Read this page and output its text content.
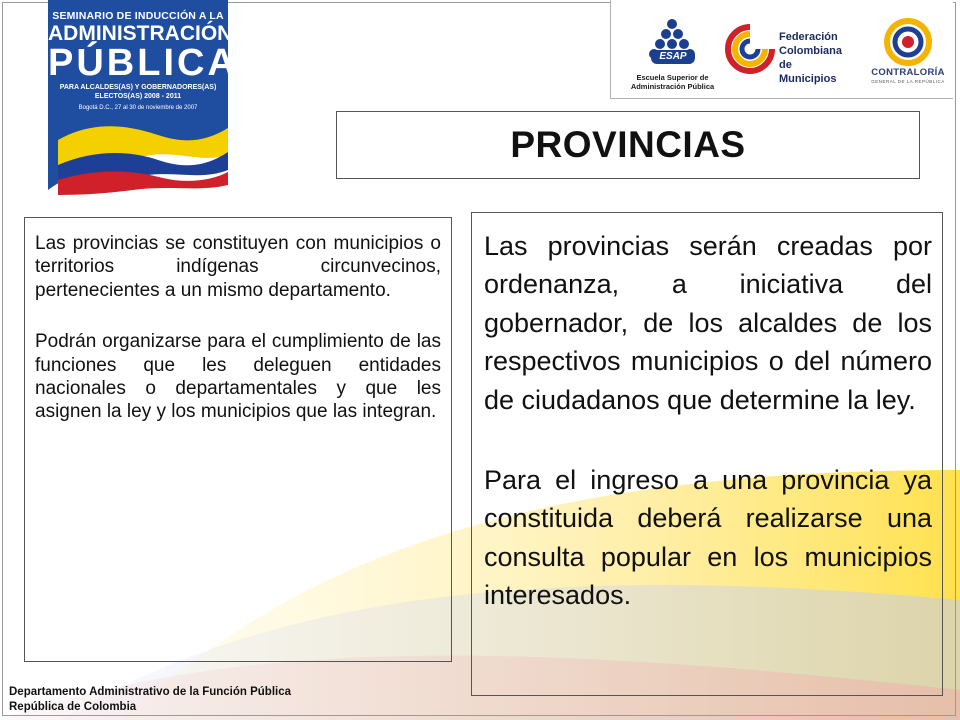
SEMINARIO DE INDUCCIÓN A LA
ADMINISTRACIÓN
PÚBLICA
PARA ALCALDES(AS) Y GOBERNADORES(AS)
ELECTOS(AS) 2008 - 2011
Bogotá D.C., 27 al 30 de noviembre de 2007
ESAP
Escuela Superior de
Administración Pública
Federación
Colombiana
de Municipios
CONTRALORÍA
GENERAL DE LA REPÚBLICA
PROVINCIAS

Las provincias se constituyen con municipios o territorios indígenas circunvecinos, pertenecientes a un mismo departamento.

Podrán organizarse para el cumplimiento de las funciones que les deleguen entidades nacionales o departamentales y que les asignen la ley y los municipios que las integran.

Las provincias serán creadas por ordenanza, a iniciativa del gobernador, de los alcaldes de los respectivos municipios o del número de ciudadanos que determine la ley.

Para el ingreso a una provincia ya constituida deberá realizarse una consulta popular en los municipios interesados.

Departamento Administrativo de la Función Pública
República de Colombia
